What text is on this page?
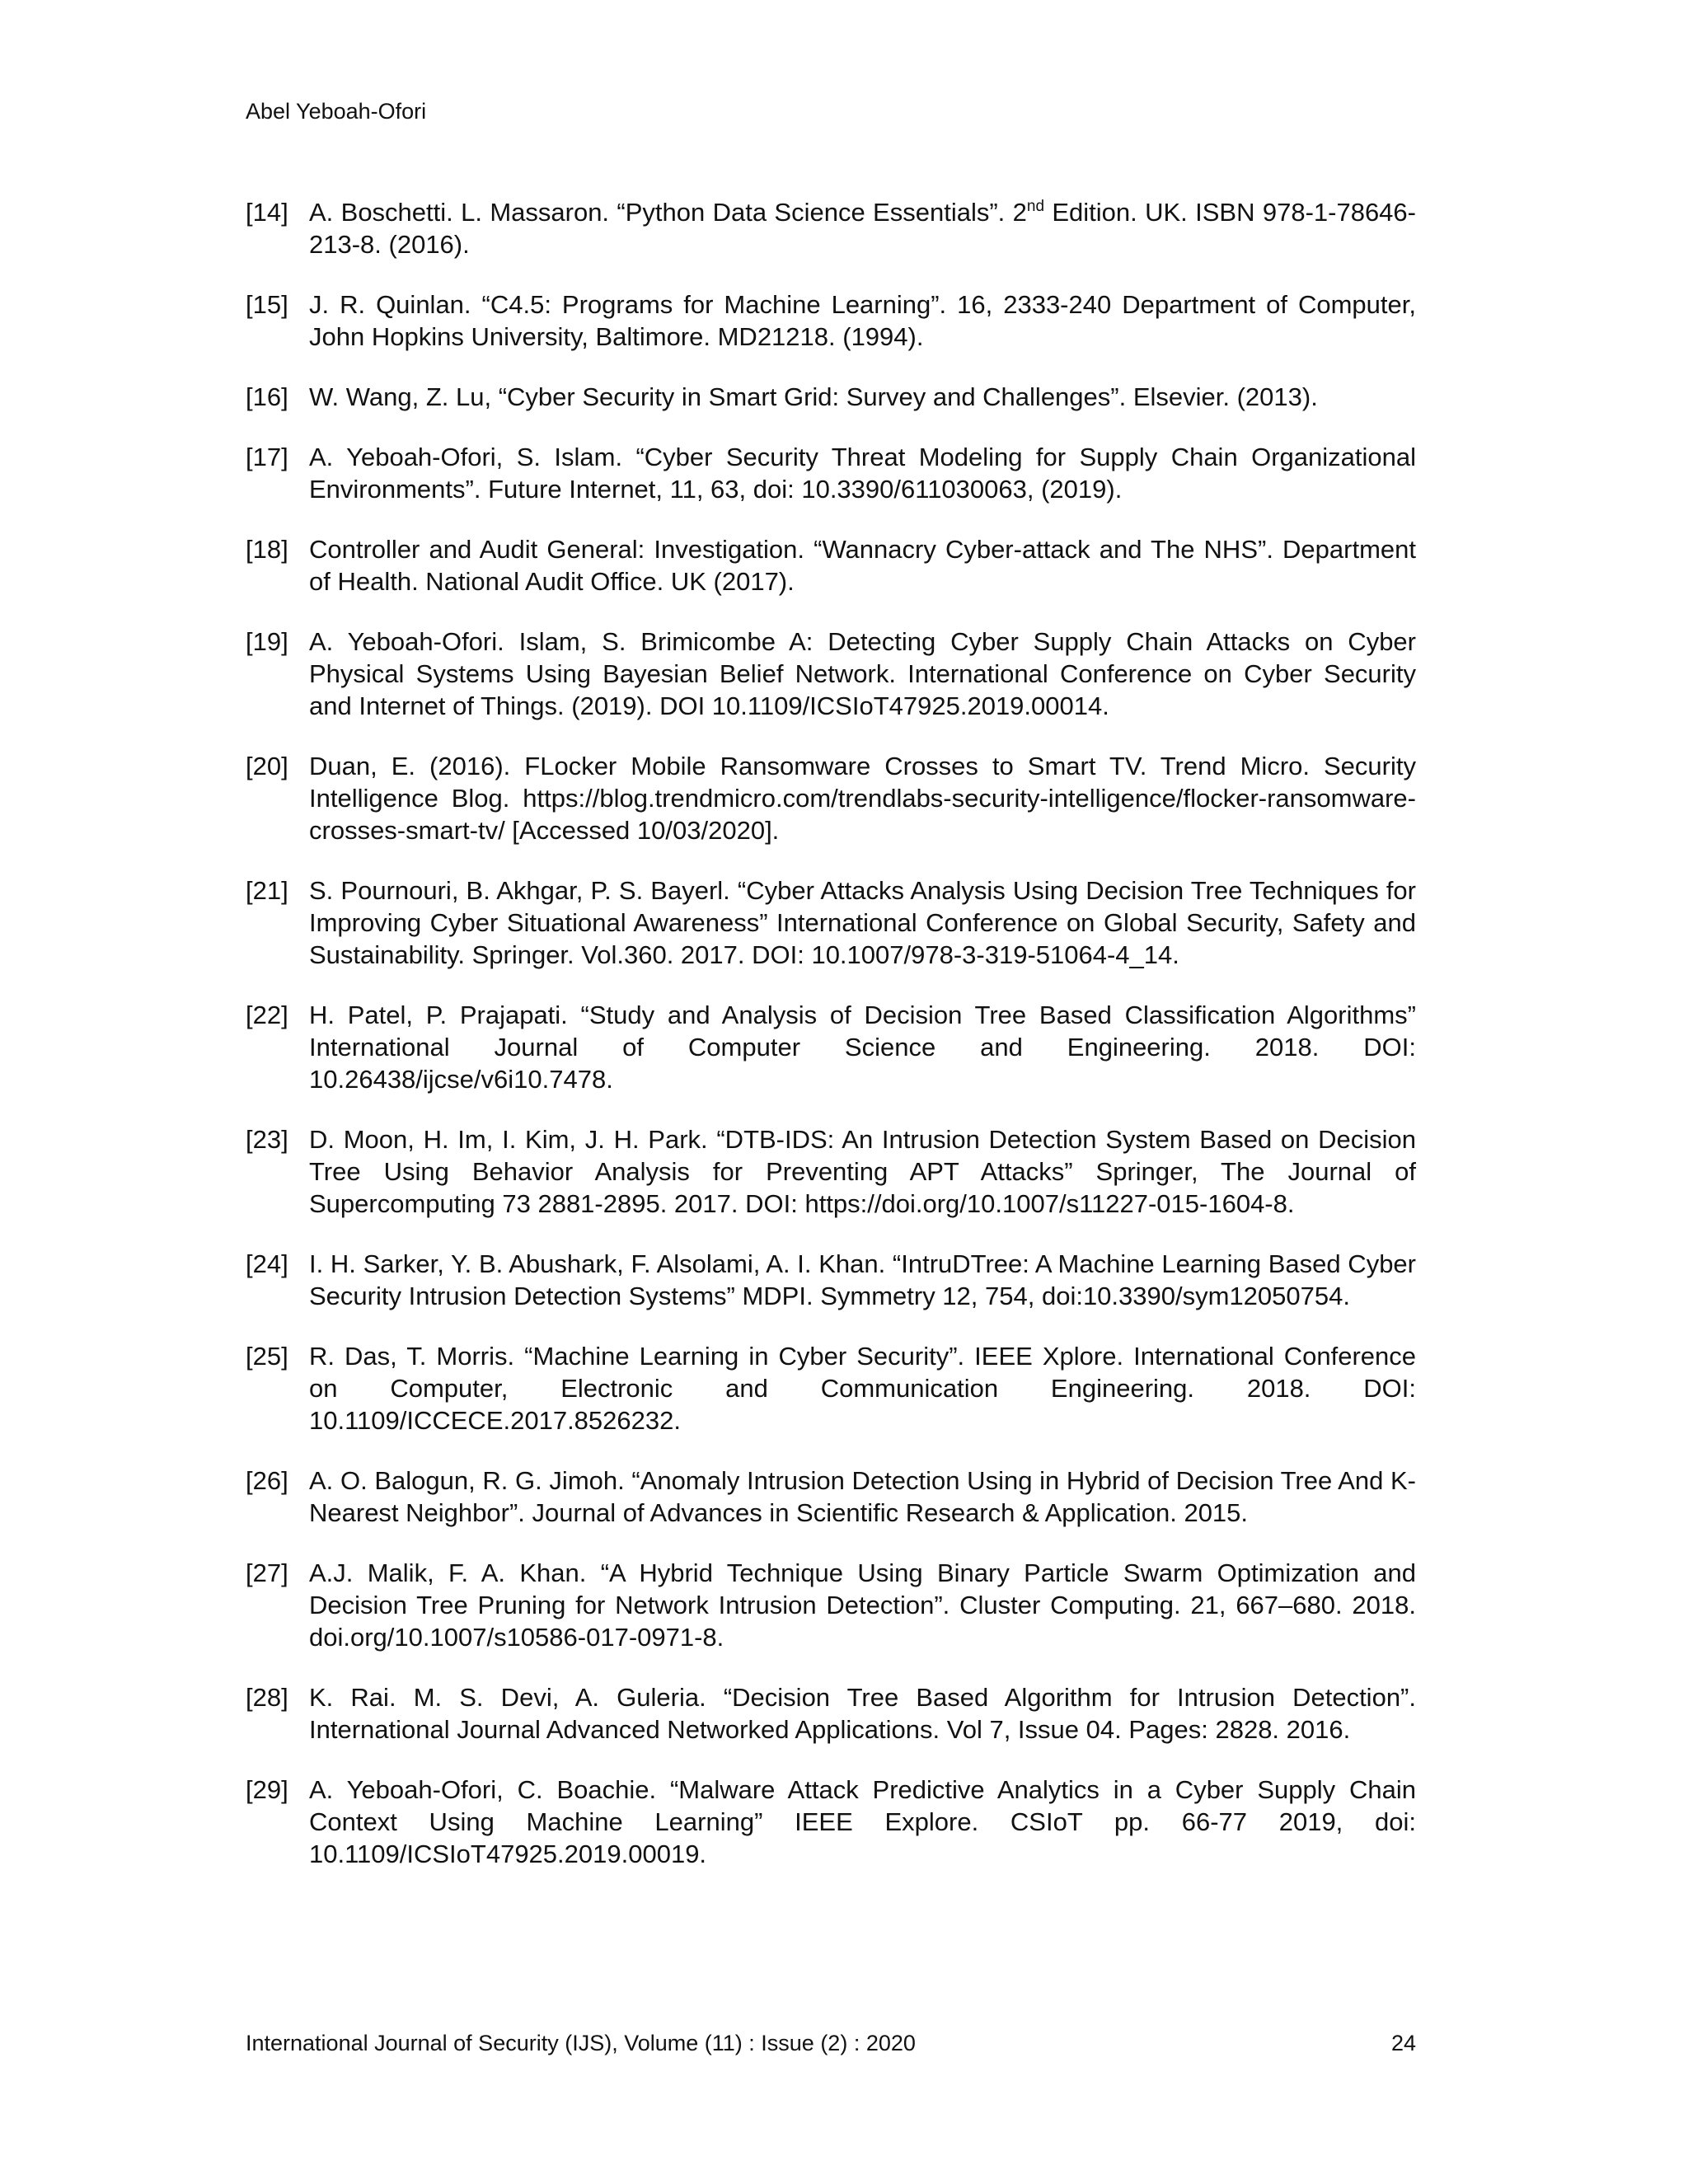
Abel Yeboah-Ofori
[14] A. Boschetti. L. Massaron. “Python Data Science Essentials”. 2nd Edition. UK. ISBN 978-1-78646-213-8. (2016).
[15] J. R. Quinlan. “C4.5: Programs for Machine Learning”. 16, 2333-240 Department of Computer, John Hopkins University, Baltimore. MD21218. (1994).
[16] W. Wang, Z. Lu, “Cyber Security in Smart Grid: Survey and Challenges”. Elsevier. (2013).
[17] A. Yeboah-Ofori, S. Islam. “Cyber Security Threat Modeling for Supply Chain Organizational Environments”. Future Internet, 11, 63, doi: 10.3390/611030063, (2019).
[18] Controller and Audit General: Investigation. “Wannacry Cyber-attack and The NHS”. Department of Health. National Audit Office. UK (2017).
[19] A. Yeboah-Ofori. Islam, S. Brimicombe A: Detecting Cyber Supply Chain Attacks on Cyber Physical Systems Using Bayesian Belief Network. International Conference on Cyber Security and Internet of Things. (2019). DOI 10.1109/ICSIoT47925.2019.00014.
[20] Duan, E. (2016). FLocker Mobile Ransomware Crosses to Smart TV. Trend Micro. Security Intelligence Blog. https://blog.trendmicro.com/trendlabs-security-intelligence/flocker-ransomware-crosses-smart-tv/ [Accessed 10/03/2020].
[21] S. Pournouri, B. Akhgar, P. S. Bayerl. “Cyber Attacks Analysis Using Decision Tree Techniques for Improving Cyber Situational Awareness” International Conference on Global Security, Safety and Sustainability. Springer. Vol.360. 2017. DOI: 10.1007/978-3-319-51064-4_14.
[22] H. Patel, P. Prajapati. “Study and Analysis of Decision Tree Based Classification Algorithms” International Journal of Computer Science and Engineering. 2018. DOI: 10.26438/ijcse/v6i10.7478.
[23] D. Moon, H. Im, I. Kim, J. H. Park. “DTB-IDS: An Intrusion Detection System Based on Decision Tree Using Behavior Analysis for Preventing APT Attacks” Springer, The Journal of Supercomputing 73 2881-2895. 2017. DOI: https://doi.org/10.1007/s11227-015-1604-8.
[24] I. H. Sarker, Y. B. Abushark, F. Alsolami, A. I. Khan. “IntruDTree: A Machine Learning Based Cyber Security Intrusion Detection Systems” MDPI. Symmetry 12, 754, doi:10.3390/sym12050754.
[25] R. Das, T. Morris. “Machine Learning in Cyber Security”. IEEE Xplore. International Conference on Computer, Electronic and Communication Engineering. 2018. DOI: 10.1109/ICCECE.2017.8526232.
[26] A. O. Balogun, R. G. Jimoh. “Anomaly Intrusion Detection Using in Hybrid of Decision Tree And K-Nearest Neighbor”. Journal of Advances in Scientific Research & Application. 2015.
[27] A.J. Malik, F. A. Khan. “A Hybrid Technique Using Binary Particle Swarm Optimization and Decision Tree Pruning for Network Intrusion Detection”. Cluster Computing. 21, 667–680. 2018. doi.org/10.1007/s10586-017-0971-8.
[28] K. Rai. M. S. Devi, A. Guleria. “Decision Tree Based Algorithm for Intrusion Detection”. International Journal Advanced Networked Applications. Vol 7, Issue 04. Pages: 2828. 2016.
[29] A. Yeboah-Ofori, C. Boachie. “Malware Attack Predictive Analytics in a Cyber Supply Chain Context Using Machine Learning” IEEE Explore. CSIoT pp. 66-77 2019, doi: 10.1109/ICSIoT47925.2019.00019.
International Journal of Security (IJS), Volume (11) : Issue (2) : 2020	24
